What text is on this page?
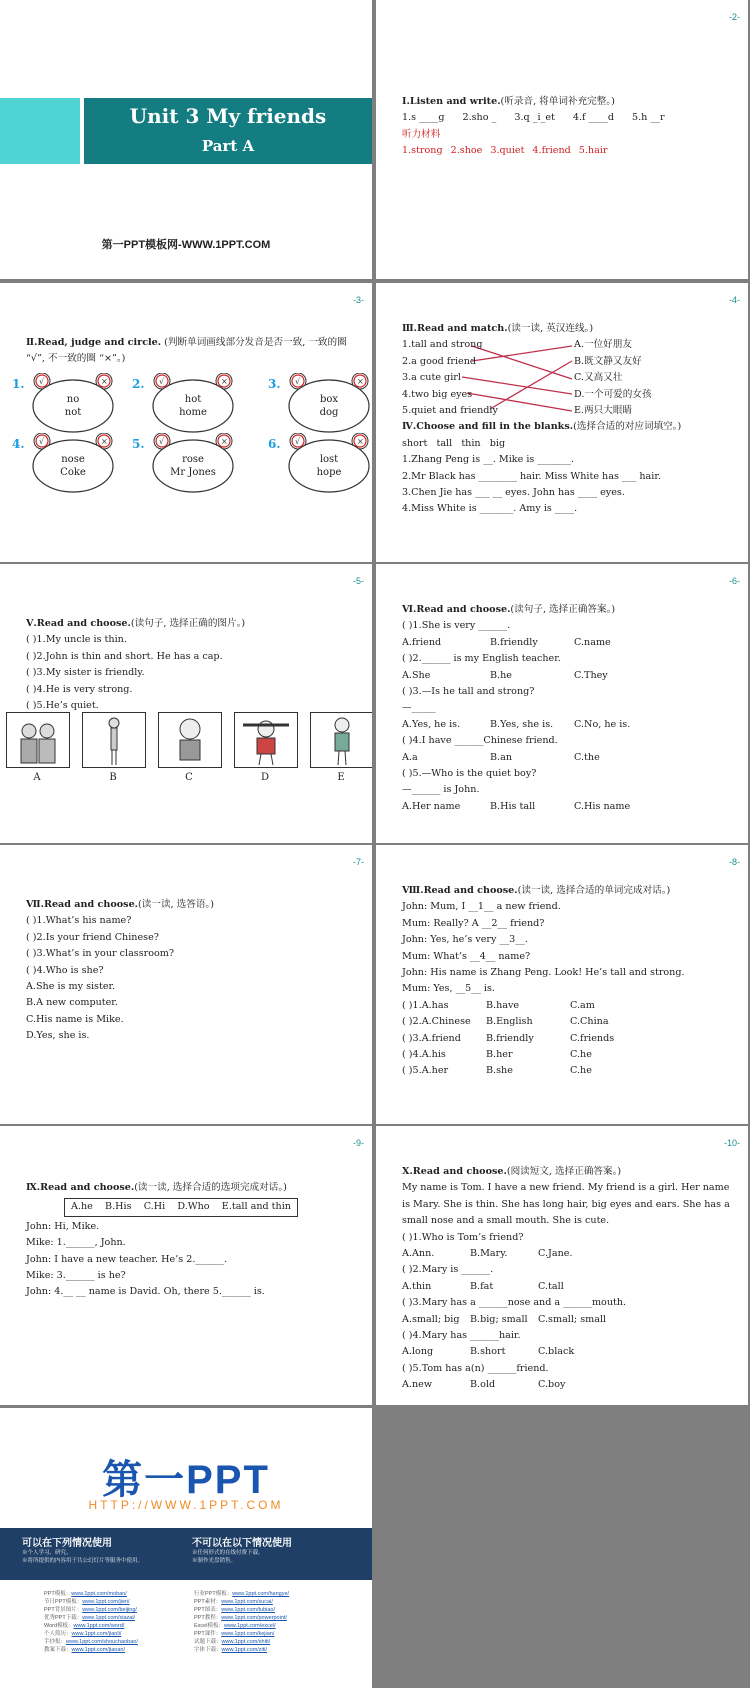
Unit 3 My friends
Part A
第一PPT模板网-WWW.1PPT.COM
-2-
Ⅰ.Listen and write.(听录音, 将单词补充完整。)
1.s ____g 2.sho _ 3.q _i_et 4.f ____d 5.h __r
听力材料
1.strong 2.shoe 3.quiet 4.friend 5.hair
-3-
Ⅱ.Read, judge and circle. (判断单词画线部分发音是否一致, 一致的圈 “√”, 不一致的圈 “×”。)
√	×
1.
no
not
√	×
2.
hot
home
√	×
3.
box
dog
√	×
4.
nose
Coke
√	×
5.
rose
Mr Jones
√	×
6.
lost
hope
-4-
Ⅲ.Read and match.(读一读, 英汉连线。)
1.tall and strong
2.a good friend
3.a cute girl
4.two big eyes
5.quiet and friendly
A.一位好朋友
B.既文静又友好
C.又高又壮
D.一个可爱的女孩
E.两只大眼睛
Ⅳ.Choose and fill in the blanks.(选择合适的对应词填空。)
short   tall   thin   big
1.Zhang Peng is __. Mike is _______.
2.Mr Black has ________ hair. Miss White has ___ hair.
3.Chen Jie has ___ __ eyes. John has ____ eyes.
4.Miss White is _______. Amy is ____.
-5-
Ⅴ.Read and choose.(读句子, 选择正确的图片。)
( )1.My uncle is thin.
( )2.John is thin and short. He has a cap.
( )3.My sister is friendly.
( )4.He is very strong.
( )5.He’s quiet.
A	B	C	D	E
-6-
Ⅵ.Read and choose.(读句子, 选择正确答案。)
( )1.She is very ______.
A.friend	B.friendly	C.name
( )2.______ is my English teacher.
A.She	B.he	C.They
( )3.—Is he tall and strong?
—_____
A.Yes, he is.	B.Yes, she is. C.No, he is.
( )4.I have ______Chinese friend.
A.a	B.an	C.the
( )5.—Who is the quiet boy?
—______ is John.
A.Her name	B.His tall	C.His name
-7-
Ⅶ.Read and choose.(读一读, 选答语。)
( )1.What’s his name?
( )2.Is your friend Chinese?
( )3.What’s in your classroom?
( )4.Who is she?
A.She is my sister.
B.A new computer.
C.His name is Mike.
D.Yes, she is.
-8-
Ⅷ.Read and choose.(读一读, 选择合适的单词完成对话。)
John: Mum, I __1__ a new friend.
Mum: Really? A __2__ friend?
John: Yes, he’s very __3__.
Mum: What’s __4__ name?
John: His name is Zhang Peng. Look! He’s tall and strong.
Mum: Yes, __5__ is.
( )1.A.has	B.have	C.am
( )2.A.Chinese B.English	C.China
( )3.A.friend	B.friendly	C.friends
( )4.A.his	B.her	C.he
( )5.A.her	B.she	C.he
-9-
Ⅸ.Read and choose.(读一读, 选择合适的选项完成对话。)
A.he    B.His    C.Hi    D.Who    E.tall and thin
John: Hi, Mike.
Mike: 1.______, John.
John: I have a new teacher. He’s 2.______.
Mike: 3.______ is he?
John: 4.__ __ name is David. Oh, there 5.______ is.
-10-
Ⅹ.Read and choose.(阅读短文, 选择正确答案。)
My name is Tom. I have a new friend. My friend is a girl. Her name is Mary. She is thin. She has long hair, big eyes and ears. She has a small nose and a small mouth. She is cute.
( )1.Who is Tom’s friend?
A.Ann.	B.Mary.	C.Jane.
( )2.Mary is ______.
A.thin	B.fat	C.tall
( )3.Mary has a ______nose and a ______mouth.
A.small; big B.big; small C.small; small
( )4.Mary has ______hair.
A.long	B.short	C.black
( )5.Tom has a(n) ______friend.
A.new	B.old	C.boy
第一PPT
HTTP://WWW.1PPT.COM
可以在下列情况使用
※个人学习、研究。
※将所提供的内容用于共公幻灯片等服务中使用。
不可以在以下情况使用
※任何形式的在线付费下载。
※制作光盘销售。
PPT模板：www.1ppt.com/moban/
节日PPT模板：www.1ppt.com/jieri/
PPT背景图片：www.1ppt.com/beijing/
优秀PPT下载：www.1ppt.com/xiazai/
Word模板：www.1ppt.com/word/
个人简历：www.1ppt.com/jianli/
手抄报：www.1ppt.com/shouchaobao/
教案下载：www.1ppt.com/jiaoan/
行业PPT模板：www.1ppt.com/hangye/
PPT素材：www.1ppt.com/sucai/
PPT图表：www.1ppt.com/tubiao/
PPT教程：www.1ppt.com/powerpoint/
Excel模板：www.1ppt.com/excel/
PPT课件：www.1ppt.com/kejian/
试题下载：www.1ppt.com/shiti/
字体下载：www.1ppt.com/ziti/
